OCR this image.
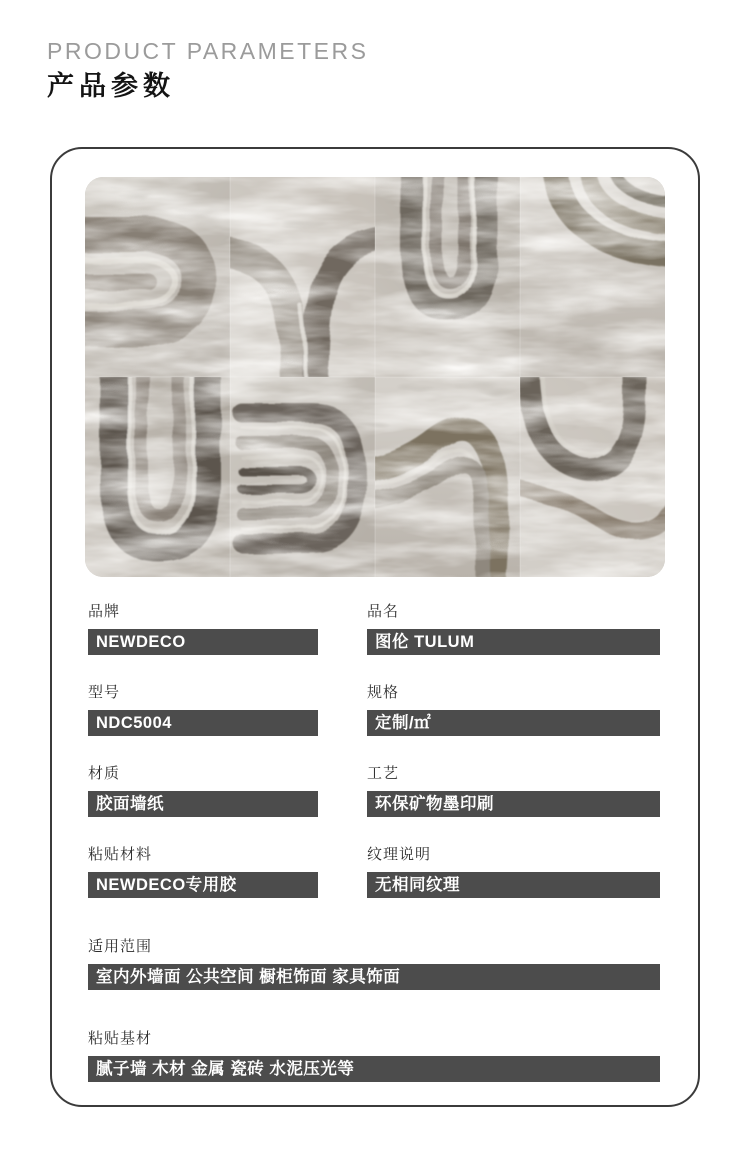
PRODUCT PARAMETERS
产品参数
品牌
NEWDECO
品名
图伦 TULUM
型号
NDC5004
规格
定制/㎡
材质
胶面墙纸
工艺
环保矿物墨印刷
粘贴材料
NEWDECO专用胶
纹理说明
无相同纹理
适用范围
室内外墙面 公共空间 橱柜饰面 家具饰面
粘贴基材
腻子墙 木材 金属 瓷砖 水泥压光等
